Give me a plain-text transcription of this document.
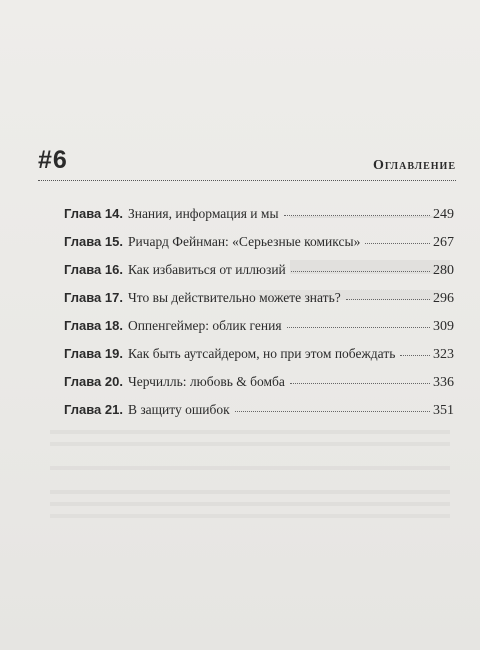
#6	Оглавление
Глава 14. Знания, информация и мы	249
Глава 15. Ричард Фейнман: «Серьезные комиксы»	267
Глава 16. Как избавиться от иллюзий	280
Глава 17. Что вы действительно можете знать?	296
Глава 18. Оппенгеймер: облик гения	309
Глава 19. Как быть аутсайдером, но при этом побеждать	323
Глава 20. Черчилль: любовь & бомба	336
Глава 21. В защиту ошибок	351
